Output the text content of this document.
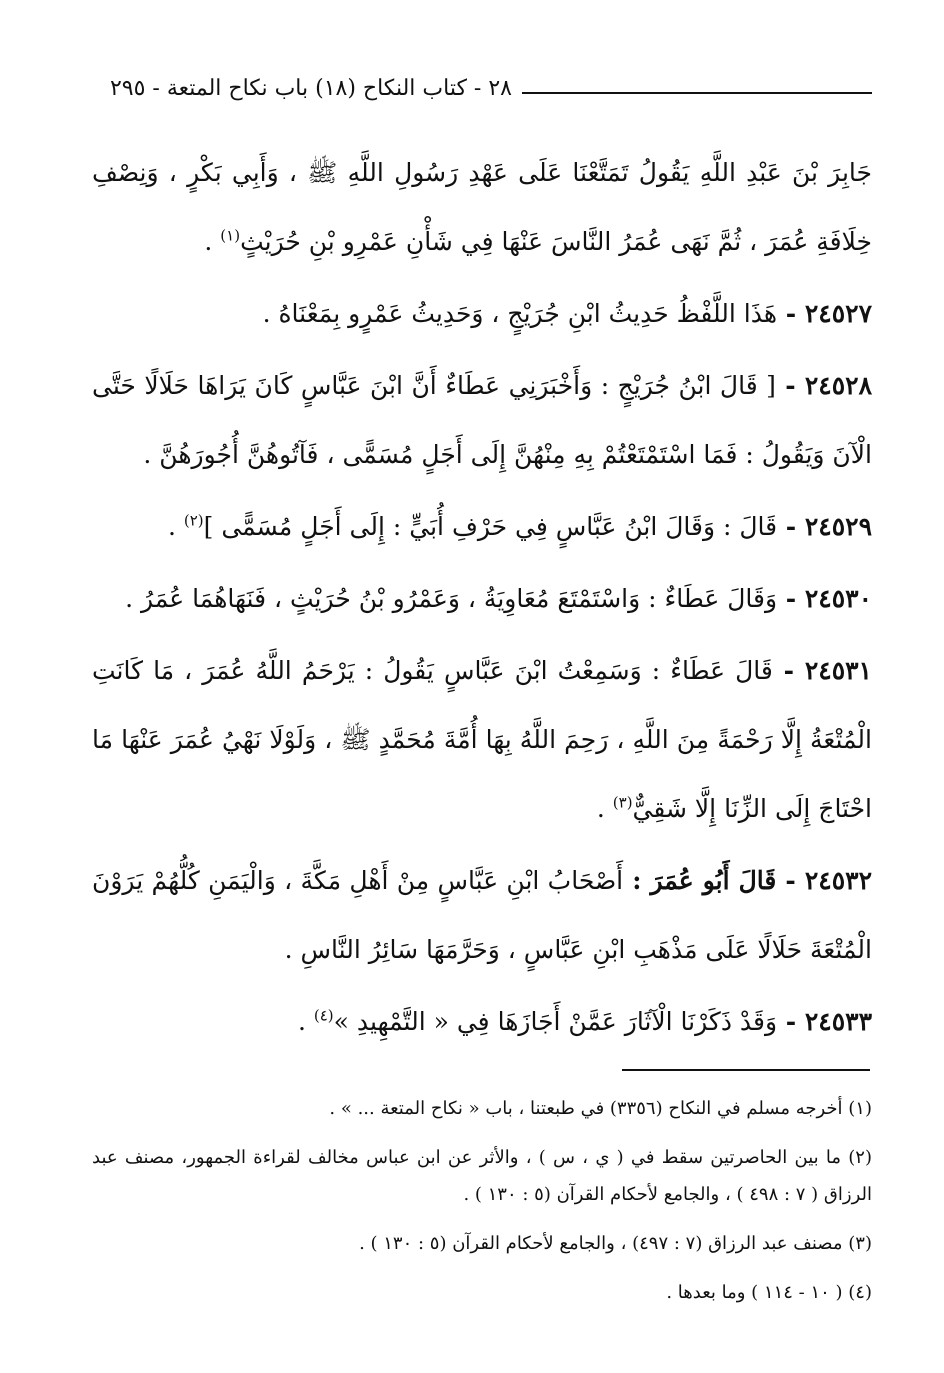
٢٨ - كتاب النكاح (١٨) باب نكاح المتعة - ٢٩٥

جَابِرَ بْنَ عَبْدِ اللَّهِ يَقُولُ تَمَتَّعْنَا عَلَى عَهْدِ رَسُولِ اللَّهِ ﷺ ، وَأَبِي بَكْرٍ ، وَنِصْفِ خِلَافَةِ عُمَرَ ، ثُمَّ نَهَى عُمَرُ النَّاسَ عَنْهَا فِي شَأْنِ عَمْرِو بْنِ حُرَيْثٍ$^{(١)}$ .

٢٤٥٢٧ - هَذَا اللَّفْظُ حَدِيثُ ابْنِ جُرَيْجٍ ، وَحَدِيثُ عَمْرٍو بِمَعْنَاهُ .

٢٤٥٢٨ - [ قَالَ ابْنُ جُرَيْجٍ : وَأَخْبَرَنِي عَطَاءٌ أَنَّ ابْنَ عَبَّاسٍ كَانَ يَرَاهَا حَلَالًا حَتَّى الْآنَ وَيَقُولُ : فَمَا اسْتَمْتَعْتُمْ بِهِ مِنْهُنَّ إِلَى أَجَلٍ مُسَمًّى ، فَآتُوهُنَّ أُجُورَهُنَّ .

٢٤٥٢٩ - قَالَ : وَقَالَ ابْنُ عَبَّاسٍ فِي حَرْفِ أُبَيٍّ : إِلَى أَجَلٍ مُسَمًّى ]$^{(٢)}$ .

٢٤٥٣٠ - وَقَالَ عَطَاءٌ : وَاسْتَمْتَعَ مُعَاوِيَةُ ، وَعَمْرُو بْنُ حُرَيْثٍ ، فَنَهَاهُمَا عُمَرُ .

٢٤٥٣١ - قَالَ عَطَاءٌ : وَسَمِعْتُ ابْنَ عَبَّاسٍ يَقُولُ : يَرْحَمُ اللَّهُ عُمَرَ ، مَا كَانَتِ الْمُتْعَةُ إِلَّا رَحْمَةً مِنَ اللَّهِ ، رَحِمَ اللَّهُ بِهَا أُمَّةَ مُحَمَّدٍ ﷺ ، وَلَوْلَا نَهْيُ عُمَرَ عَنْهَا مَا احْتَاجَ إِلَى الزِّنَا إِلَّا شَقِيٌّ$^{(٣)}$ .

٢٤٥٣٢ - قَالَ أَبُو عُمَرَ : أَصْحَابُ ابْنِ عَبَّاسٍ مِنْ أَهْلِ مَكَّةَ ، وَالْيَمَنِ كُلُّهُمْ يَرَوْنَ الْمُتْعَةَ حَلَالًا عَلَى مَذْهَبِ ابْنِ عَبَّاسٍ ، وَحَرَّمَهَا سَائِرُ النَّاسِ .

٢٤٥٣٣ - وَقَدْ ذَكَرْنَا الْآثَارَ عَمَّنْ أَجَازَهَا فِي « التَّمْهِيدِ »$^{(٤)}$ .

(١) أخرجه مسلم في النكاح (٣٣٥٦) في طبعتنا ، باب « نكاح المتعة ... » .

(٢) ما بين الحاصرتين سقط في ( ي ، س ) ، والأثر عن ابن عباس مخالف لقراءة الجمهور، مصنف عبد الرزاق ( ٧ : ٤٩٨ ) ، والجامع لأحكام القرآن (٥ : ١٣٠ ) .

(٣) مصنف عبد الرزاق (٧ : ٤٩٧) ، والجامع لأحكام القرآن (٥ : ١٣٠ ) .

(٤) ( ١٠ - ١١٤ ) وما بعدها .
